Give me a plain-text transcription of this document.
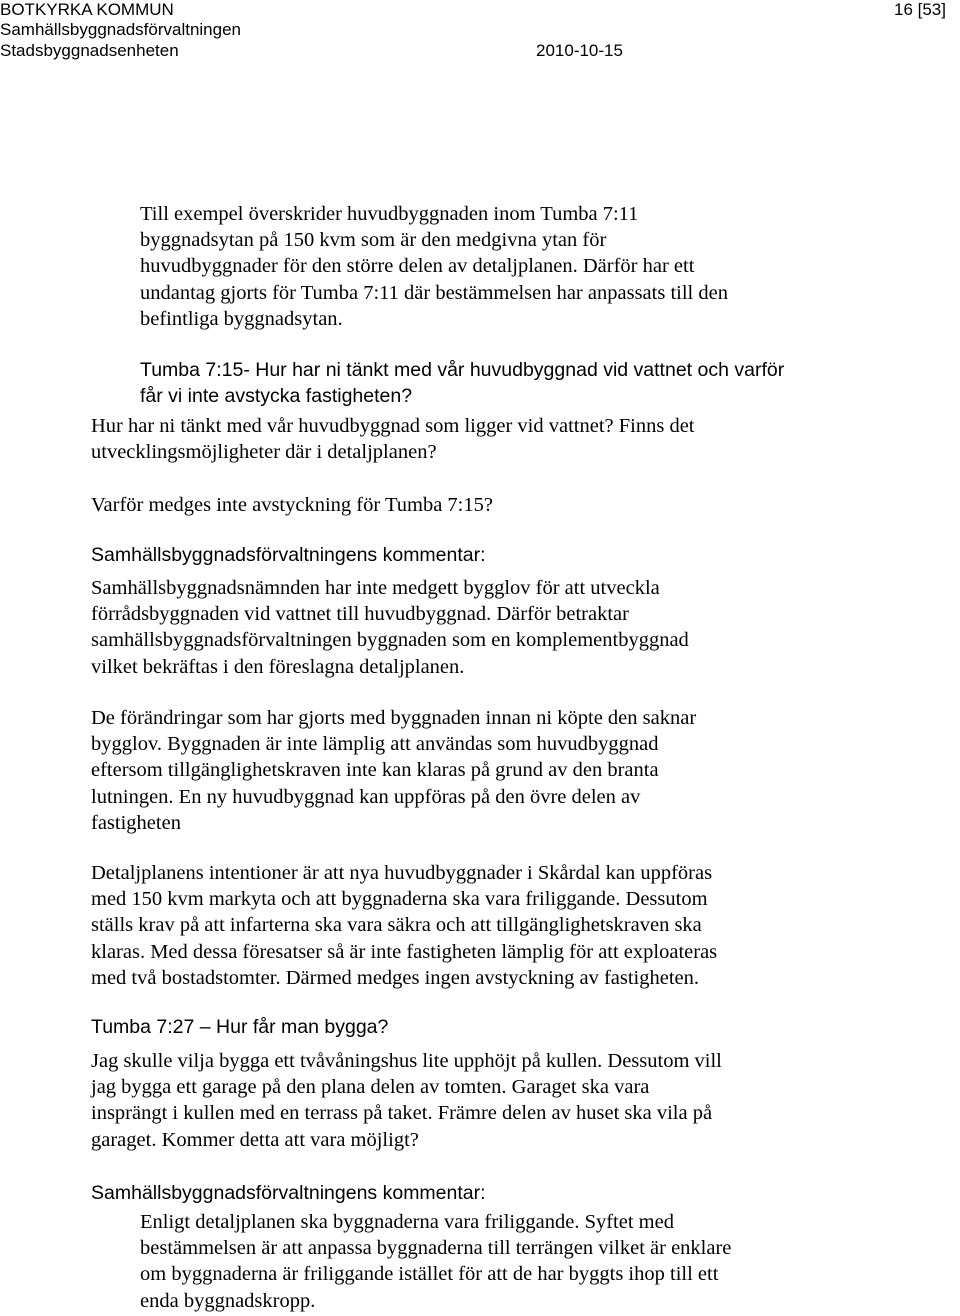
BOTKYRKA KOMMUN
Samhällsbyggnadsförvaltningen
Stadsbyggnadsenheten	2010-10-15
16 [53]
Till exempel överskrider huvudbyggnaden inom Tumba 7:11
byggnadsytan på 150 kvm som är den medgivna ytan för
huvudbyggnader för den större delen av detaljplanen. Därför har ett
undantag gjorts för Tumba 7:11 där bestämmelsen har anpassats till den
befintliga byggnadsytan.
Tumba 7:15- Hur har ni tänkt med vår huvudbyggnad vid vattnet och varför
får vi inte avstycka fastigheten?
Hur har ni tänkt med vår huvudbyggnad som ligger vid vattnet? Finns det
utvecklingsmöjligheter där i detaljplanen?
Varför medges inte avstyckning för Tumba 7:15?
Samhällsbyggnadsförvaltningens kommentar:
Samhällsbyggnadsnämnden har inte medgett bygglov för att utveckla
förrådsbyggnaden vid vattnet till huvudbyggnad. Därför betraktar
samhällsbyggnadsförvaltningen byggnaden som en komplementbyggnad
vilket bekräftas i den föreslagna detaljplanen.
De förändringar som har gjorts med byggnaden innan ni köpte den saknar
bygglov. Byggnaden är inte lämplig att användas som huvudbyggnad
eftersom tillgänglighetskraven inte kan klaras på grund av den branta
lutningen. En ny huvudbyggnad kan uppföras på den övre delen av
fastigheten
Detaljplanens intentioner är att nya huvudbyggnader i Skårdal kan uppföras
med 150 kvm markyta och att byggnaderna ska vara friliggande. Dessutom
ställs krav på att infarterna ska vara säkra och att tillgänglighetskraven ska
klaras. Med dessa föresatser så är inte fastigheten lämplig för att exploateras
med två bostadstomter. Därmed medges ingen avstyckning av fastigheten.
Tumba 7:27 – Hur får man bygga?
Jag skulle vilja bygga ett tvåvåningshus lite upphöjt på kullen. Dessutom vill
jag bygga ett garage på den plana delen av tomten. Garaget ska vara
insprängt i kullen med en terrass på taket. Främre delen av huset ska vila på
garaget. Kommer detta att vara möjligt?
Samhällsbyggnadsförvaltningens kommentar:
Enligt detaljplanen ska byggnaderna vara friliggande. Syftet med
bestämmelsen är att anpassa byggnaderna till terrängen vilket är enklare
om byggnaderna är friliggande istället för att de har byggts ihop till ett
enda byggnadskropp.
